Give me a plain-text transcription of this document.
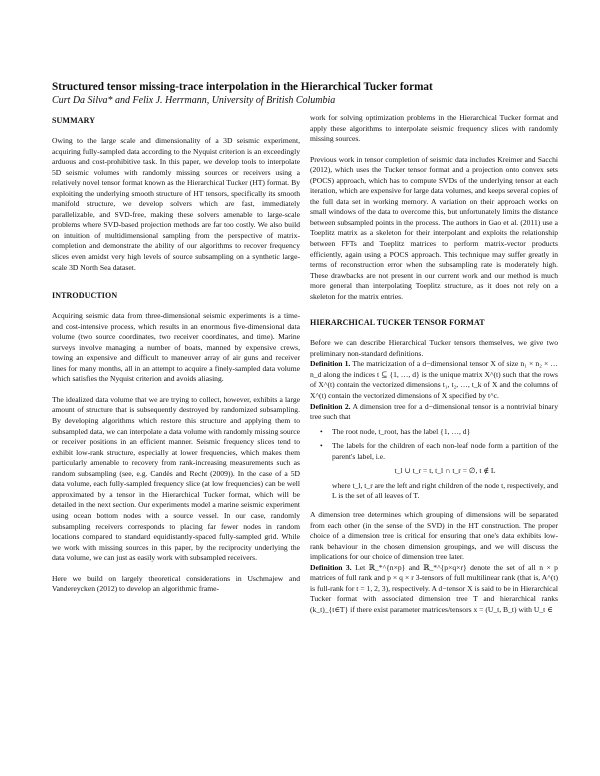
Structured tensor missing-trace interpolation in the Hierarchical Tucker format
Curt Da Silva* and Felix J. Herrmann, University of British Columbia
SUMMARY

Owing to the large scale and dimensionality of a 3D seismic experiment, acquiring fully-sampled data according to the Nyquist criterion is an exceedingly arduous and cost-prohibitive task. In this paper, we develop tools to interpolate 5D seismic volumes with randomly missing sources or receivers using a relatively novel tensor format known as the Hierarchical Tucker (HT) format. By exploiting the underlying smooth structure of HT tensors, specifically its smooth manifold structure, we develop solvers which are fast, immediately parallelizable, and SVD-free, making these solvers amenable to large-scale problems where SVD-based projection methods are far too costly. We also build on intuition of multidimensional sampling from the perspective of matrix-completion and demonstrate the ability of our algorithms to recover frequency slices even amidst very high levels of source subsampling on a synthetic large-scale 3D North Sea dataset.

INTRODUCTION

Acquiring seismic data from three-dimensional seismic experiments is a time- and cost-intensive process, which results in an enormous five-dimensional data volume (two source coordinates, two receiver coordinates, and time). Marine surveys involve managing a number of boats, manned by expensive crews, towing an expensive and difficult to maneuver array of air guns and receiver lines for many months, all in an attempt to acquire a finely-sampled data volume which satisfies the Nyquist criterion and avoids aliasing.

The idealized data volume that we are trying to collect, however, exhibits a large amount of structure that is subsequently destroyed by randomized subsampling. By developing algorithms which restore this structure and applying them to subsampled data, we can interpolate a data volume with randomly missing source or receiver positions in an efficient manner. Seismic frequency slices tend to exhibit low-rank structure, especially at lower frequencies, which makes them particularly amenable to recovery from rank-increasing measurements such as random subsampling (see, e.g. Candès and Recht (2009)). In the case of a 5D data volume, each fully-sampled frequency slice (at low frequencies) can be well approximated by a tensor in the Hierarchical Tucker format, which will be detailed in the next section. Our experiments model a marine seismic experiment using ocean bottom nodes with a source vessel. In our case, randomly subsampling receivers corresponds to placing far fewer nodes in random locations compared to standard equidistantly-spaced fully-sampled grid. While we work with missing sources in this paper, by the reciprocity underlying the data volume, we can just as easily work with subsampled receivers.

Here we build on largely theoretical considerations in Uschmajew and Vandereycken (2012) to develop an algorithmic frame-

work for solving optimization problems in the Hierarchical Tucker format and apply these algorithms to interpolate seismic frequency slices with randomly missing sources.

Previous work in tensor completion of seismic data includes Kreimer and Sacchi (2012), which uses the Tucker tensor format and a projection onto convex sets (POCS) approach, which has to compute SVDs of the underlying tensor at each iteration, which are expensive for large data volumes, and keeps several copies of the full data set in working memory. A variation on their approach works on small windows of the data to overcome this, but unfortunately limits the distance between subsampled points in the process. The authors in Gao et al. (2011) use a Toeplitz matrix as a skeleton for their interpolant and exploits the relationship between FFTs and Toeplitz matrices to perform matrix-vector products efficiently, again using a POCS approach. This technique may suffer greatly in terms of reconstruction error when the subsampling rate is moderately high. These drawbacks are not present in our current work and our method is much more general than interpolating Toeplitz structure, as it does not rely on a skeleton for the matrix entries.

HIERARCHICAL TUCKER TENSOR FORMAT

Before we can describe Hierarchical Tucker tensors themselves, we give two preliminary non-standard definitions.

Definition 1. The matricization of a d−dimensional tensor X of size n₁ × n₂ × … n_d along the indices t ⊆ {1, …, d} is the unique matrix X^(t) such that the rows of X^(t) contain the vectorized dimensions t₁, t₂, …, t_k of X and the columns of X^(t) contain the vectorized dimensions of X specified by t^c.

Definition 2. A dimension tree for a d−dimensional tensor is a nontrivial binary tree such that

• The root node, t_root, has the label {1, …, d}
• The labels for the children of each non-leaf node form a partition of the parent's label, i.e.
t_l ∪ t_r = t, t_l ∩ t_r = ∅, t ∉ L
where t_l, t_r are the left and right children of the node t, respectively, and L is the set of all leaves of T.

A dimension tree determines which grouping of dimensions will be separated from each other (in the sense of the SVD) in the HT construction. The proper choice of a dimension tree is critical for ensuring that one's data exhibits low-rank behaviour in the chosen dimension groupings, and we will discuss the implications for our choice of dimension tree later.

Definition 3. Let ℝ_*^{n×p} and ℝ_*^{p×q×r} denote the set of all n × p matrices of full rank and p × q × r 3-tensors of full multilinear rank (that is, A^(t) is full-rank for t = 1, 2, 3), respectively. A d−tensor X is said to be in Hierarchical Tucker format with associated dimension tree T and hierarchical ranks (k_t)_{t∈T} if there exist parameter matrices/tensors x = (U_t, B_t) with U_t ∈
